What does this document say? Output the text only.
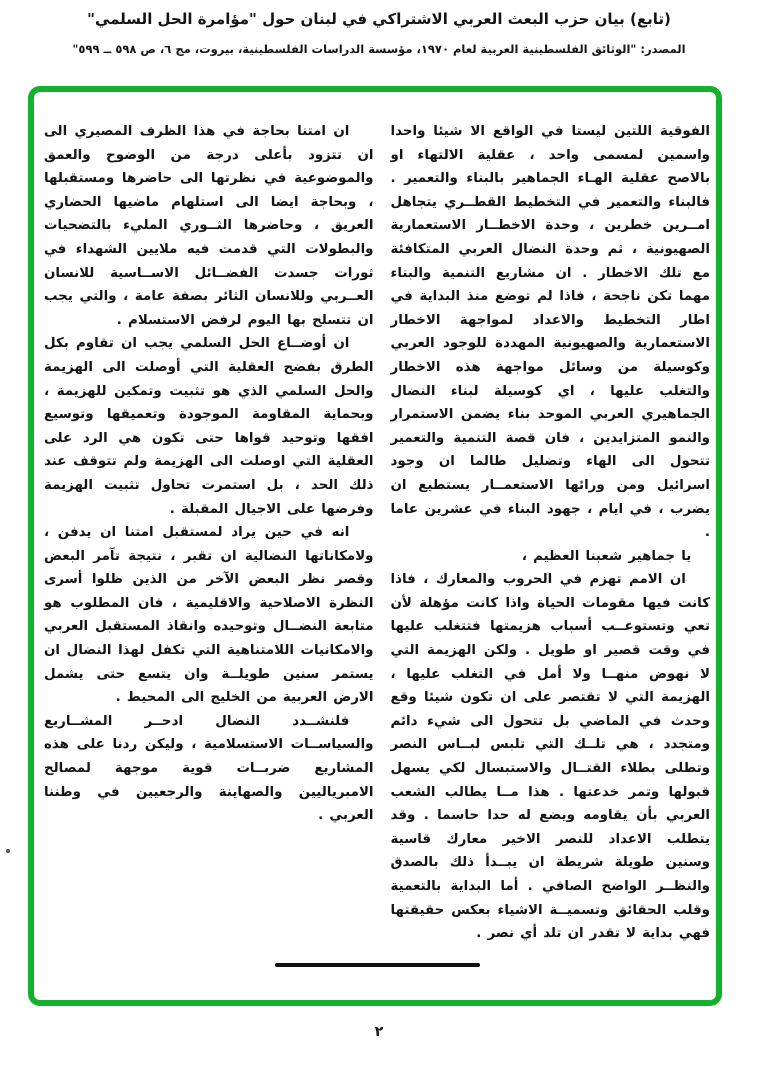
(تابع) بيان حزب البعث العربي الاشتراكي في لبنان حول "مؤامرة الحل السلمي"
المصدر: "الوثائق الفلسطينية العربية لعام ١٩٧٠، مؤسسة الدراسات الفلسطينية، بيروت، مج ٦، ص ٥٩٨ ــ ٥٩٩"

الفوقية اللتين ليستا في الواقع الا شيئا واحدا واسمين لمسمى واحد ، عقلية الالتهاء او بالاصح عقلية الهـاء الجماهير بالبناء والتعمير . فالبناء والتعمير في التخطيط القطــري يتجاهل امــرين خطرين ، وحدة الاخطــار الاستعمارية الصهيونية ، ثم وحدة النضال العربي المتكافئة مع تلك الاخطار . ان مشاريع التنمية والبناء مهما تكن ناجحة ، فاذا لم توضع منذ البداية في اطار التخطيط والاعداد لمواجهة الاخطار الاستعمارية والصهيونية المهددة للوجود العربي وكوسيلة من وسائل مواجهة هذه الاخطار والتغلب عليها ، اي كوسيلة لبناء النضال الجماهيري العربي الموحد بناء يضمن الاستمرار والنمو المتزايدين ، فان قصة التنمية والتعمير تتحول الى الهاء وتضليل طالما ان وجود اسرائيل ومن ورائها الاستعمــار يستطيع ان يضرب ، في ايام ، جهود البناء في عشرين عاما .

يا جماهير شعبنا العظيم ،

ان الامم تهزم في الحروب والمعارك ، فاذا كانت فيها مقومات الحياة واذا كانت مؤهلة لأن تعي وتستوعــب أسباب هزيمتها فتتغلب عليها في وقت قصير او طويل . ولكن الهزيمة التي لا نهوض منهــا ولا أمل في التغلب عليها ، الهزيمة التي لا تقتصر على ان تكون شيئا وقع وحدث في الماضي بل تتحول الى شيء دائم ومتجدد ، هي تلــك التي تلبس لبــاس النصر وتطلى بطلاء القتــال والاستبسال لكي يسهل قبولها وتمر خدعتها . هذا مــا يطالب الشعب العربي بأن يقاومه ويضع له حدا حاسما . وقد يتطلب الاعداد للنصر الاخير معارك قاسية وسنين طويلة شريطة ان يبــدأ ذلك بالصدق والنظــر الواضح الصافي . أما البداية بالتعمية وقلب الحقائق وتسميــة الاشياء بعكس حقيقتها فهي بداية لا تقدر ان تلد أي نصر .

ان امتنا بحاجة في هذا الظرف المصيري الى ان تتزود بأعلى درجة من الوضوح والعمق والموضوعية في نظرتها الى حاضرها ومستقبلها ، وبحاجة ايضا الى استلهام ماضيها الحضاري العريق ، وحاضرها الثــوري المليء بالتضحيات والبطولات التي قدمت فيه ملايين الشهداء في ثورات جسدت الفضــائل الاســاسية للانسان العــربي وللانسان الثائر بصفة عامة ، والتي يجب ان تتسلح بها اليوم لرفض الاستسلام .

ان أوضــاع الحل السلمي يجب ان تقاوم بكل الطرق بفضح العقلية التي أوصلت الى الهزيمة والحل السلمي الذي هو تثبيت وتمكين للهزيمة ، وبحماية المقاومة الموجودة وتعميقها وتوسيع افقها وتوحيد قواها حتى تكون هي الرد على العقلية التي اوصلت الى الهزيمة ولم تتوقف عند ذلك الحد ، بل استمرت تحاول تثبيت الهزيمة وفرضها على الاجيال المقبلة .

انه في حين يراد لمستقبل امتنا ان يدفن ، ولامكاناتها النضالية ان تقبر ، نتيجة تآمر البعض وقصر نظر البعض الآخر من الذين ظلوا أسرى النظرة الاصلاحية والاقليمية ، فان المطلوب هو متابعة النضــال وتوحيده وانقاذ المستقبل العربي والامكانيات اللامتناهية التي تكفل لهذا النضال ان يستمر سنين طويلــة وان يتسع حتى يشمل الارض العربية من الخليج الى المحيط .

فلنشــدد النضال ادحــر المشــاريع والسياســات الاستسلامية ، وليكن ردنا على هذه المشاريع ضربــات قوية موجهة لمصالح الامبرياليين والصهاينة والرجعيين في وطننا العربي .

٢
